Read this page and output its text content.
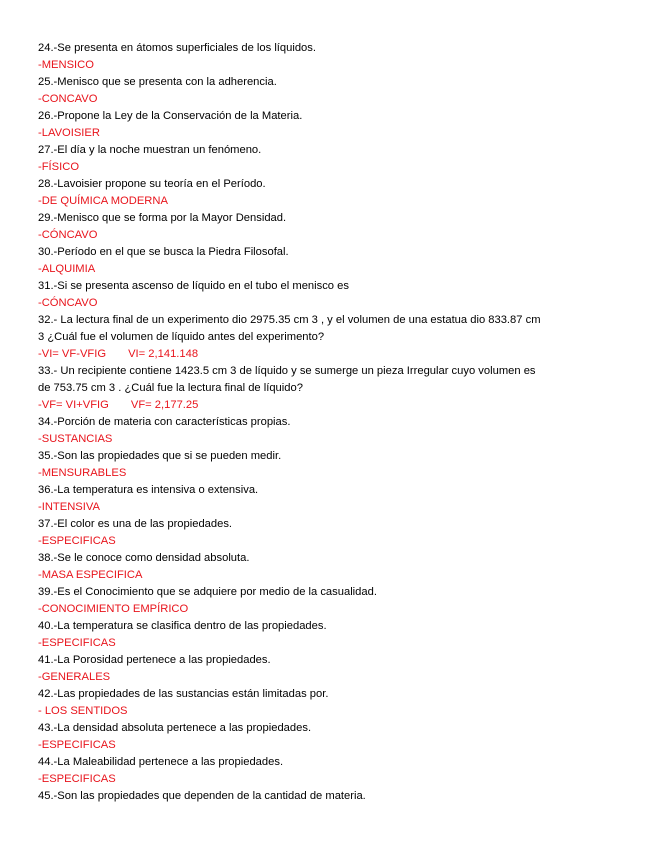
24.-Se presenta en átomos superficiales de los líquidos.
-MENSICO
25.-Menisco que se presenta con la adherencia.
-CONCAVO
26.-Propone la Ley de la Conservación de la Materia.
-LAVOISIER
27.-El día y la noche muestran un fenómeno.
-FÍSICO
28.-Lavoisier propone su teoría en el Período.
-DE QUÍMICA MODERNA
29.-Menisco que se forma por la Mayor Densidad.
-CÓNCAVO
30.-Período en el que se busca la Piedra Filosofal.
-ALQUIMIA
31.-Si se presenta ascenso de líquido en el tubo el menisco es
-CÓNCAVO
32.- La lectura final de un experimento dio 2975.35 cm 3 , y el volumen de una estatua dio 833.87 cm
3 ¿Cuál fue el volumen de líquido antes del experimento?
-VI= VF-VFIG VI= 2,141.148
33.- Un recipiente contiene 1423.5 cm 3 de líquido y se sumerge un pieza Irregular cuyo volumen es
de 753.75 cm 3 . ¿Cuál fue la lectura final de líquido?
-VF= VI+VFIG VF= 2,177.25
34.-Porción de materia con características propias.
-SUSTANCIAS
35.-Son las propiedades que si se pueden medir.
-MENSURABLES
36.-La temperatura es intensiva o extensiva.
-INTENSIVA
37.-El color es una de las propiedades.
-ESPECIFICAS
38.-Se le conoce como densidad absoluta.
-MASA ESPECIFICA
39.-Es el Conocimiento que se adquiere por medio de la casualidad.
-CONOCIMIENTO EMPÍRICO
40.-La temperatura se clasifica dentro de las propiedades.
-ESPECIFICAS
41.-La Porosidad pertenece a las propiedades.
-GENERALES
42.-Las propiedades de las sustancias están limitadas por.
- LOS SENTIDOS
43.-La densidad absoluta pertenece a las propiedades.
-ESPECIFICAS
44.-La Maleabilidad pertenece a las propiedades.
-ESPECIFICAS
45.-Son las propiedades que dependen de la cantidad de materia.
